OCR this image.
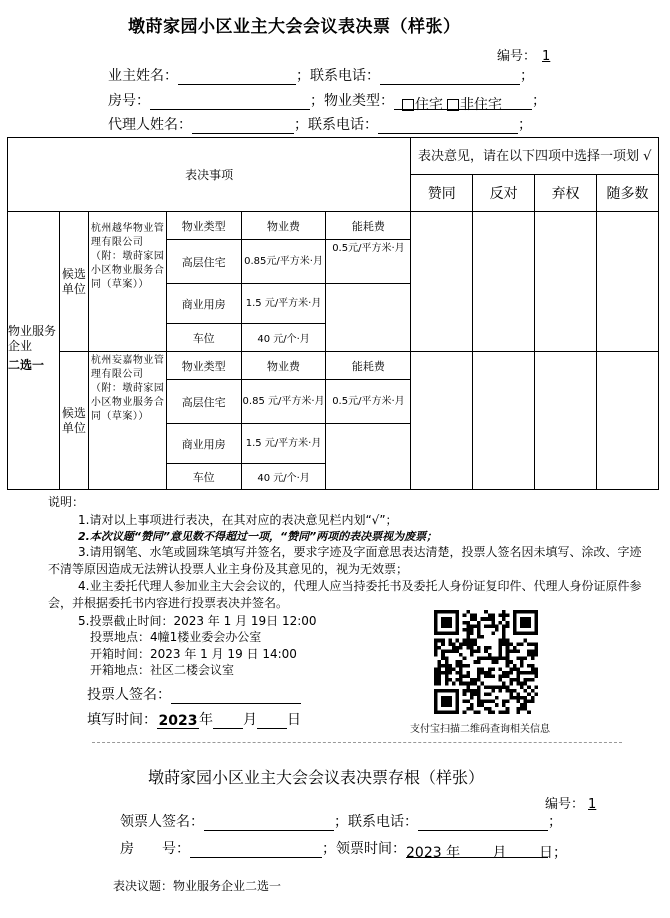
墩莳家园小区业主大会会议表决票（样张）
编号： 1
业主姓名：	；联系电话：	；
房号：	；物业类型： 住宅 非住宅 ；
代理人姓名：	；联系电话：	；
表决事项						表决意见，请在以下四项中选择一项划 √			
						赞同	反对	弃权	随多数

物业服务企业
二选一	候选单位	杭州越华物业管理有限公司（附：墩莳家园小区物业服务合同（草案））	物业类型	物业费	能耗费				
			高层住宅	0.85元/平方米·月	0.5元/平方米·月				
			商业用房	1.5 元/平方米·月					
			车位	40 元/个·月					
	候选单位	杭州妄嘉物业管理有限公司（附：墩莳家园小区物业服务合同（草案））	物业类型	物业费	能耗费				
			高层住宅	0.85 元/平方米·月	0.5元/平方米·月				
			商业用房	1.5 元/平方米·月					
			车位	40 元/个·月					
说明：
1.请对以上事项进行表决，在其对应的表决意见栏内划“√”；
2.本次议题“赞同”意见数不得超过一项，“赞同”两项的表决票视为废票；
3.请用钢笔、水笔或圆珠笔填写并签名，要求字迹及字面意思表达清楚，投票人签名因未填写、涂改、字迹不清等原因造成无法辨认投票人业主身份及其意见的，视为无效票；
4.业主委托代理人参加业主大会会议的，代理人应当持委托书及委托人身份证复印件、代理人身份证原件参会，并根据委托书内容进行投票表决并签名。
5.投票截止时间：2023 年 1 月 19日 12:00
投票地点：4幢1楼业委会办公室
开箱时间：2023 年 1 月 19 日 14:00
开箱地点：社区二楼会议室
投票人签名：
填写时间： 2023 年 月 日
支付宝扫描二维码查询相关信息
墩莳家园小区业主大会会议表决票存根（样张）
编号： 1
领票人签名：	；联系电话：	；
房　　号：	；领票时间：2023 年　　 月　　 日；
表决议题：物业服务企业二选一
